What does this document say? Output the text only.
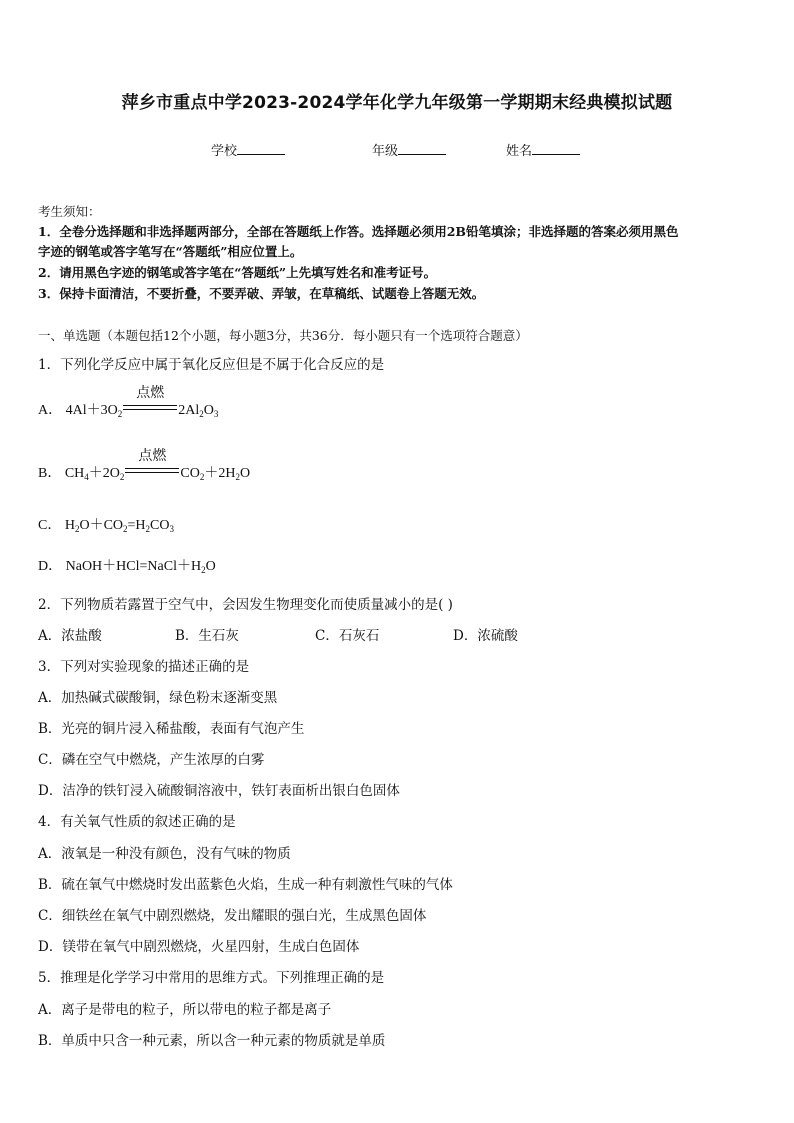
萍乡市重点中学2023-2024学年化学九年级第一学期期末经典模拟试题
学校	年级	姓名
考生须知：
1．全卷分选择题和非选择题两部分，全部在答题纸上作答。选择题必须用2B铅笔填涂；非选择题的答案必须用黑色
字迹的钢笔或答字笔写在“答题纸”相应位置上。
2．请用黑色字迹的钢笔或答字笔在“答题纸”上先填写姓名和准考证号。
3．保持卡面清洁，不要折叠，不要弄破、弄皱，在草稿纸、试题卷上答题无效。
一、单选题（本题包括12个小题，每小题3分，共36分．每小题只有一个选项符合题意）
1．下列化学反应中属于氧化反应但是不属于化合反应的是
A． $4Al+3O_2$
点燃
$2Al_2O_3$
B． $CH_4+2O_2$
点燃
$CO_2+2H_2O$
C． $H_2O+CO_2=H_2CO_3$
D． $NaOH+HCl=NaCl+H_2O$
2．下列物质若露置于空气中，会因发生物理变化而使质量减小的是( )
A．浓盐酸	B．生石灰	C．石灰石	D．浓硫酸
3．下列对实验现象的描述正确的是
A．加热碱式碳酸铜，绿色粉末逐渐变黑
B．光亮的铜片浸入稀盐酸，表面有气泡产生
C．磷在空气中燃烧，产生浓厚的白雾
D．洁净的铁钉浸入硫酸铜溶液中，铁钉表面析出银白色固体
4．有关氧气性质的叙述正确的是
A．液氧是一种没有颜色，没有气味的物质
B．硫在氧气中燃烧时发出蓝紫色火焰，生成一种有刺激性气味的气体
C．细铁丝在氧气中剧烈燃烧，发出耀眼的强白光，生成黑色固体
D．镁带在氧气中剧烈燃烧，火星四射，生成白色固体
5．推理是化学学习中常用的思维方式。下列推理正确的是
A．离子是带电的粒子，所以带电的粒子都是离子
B．单质中只含一种元素，所以含一种元素的物质就是单质
